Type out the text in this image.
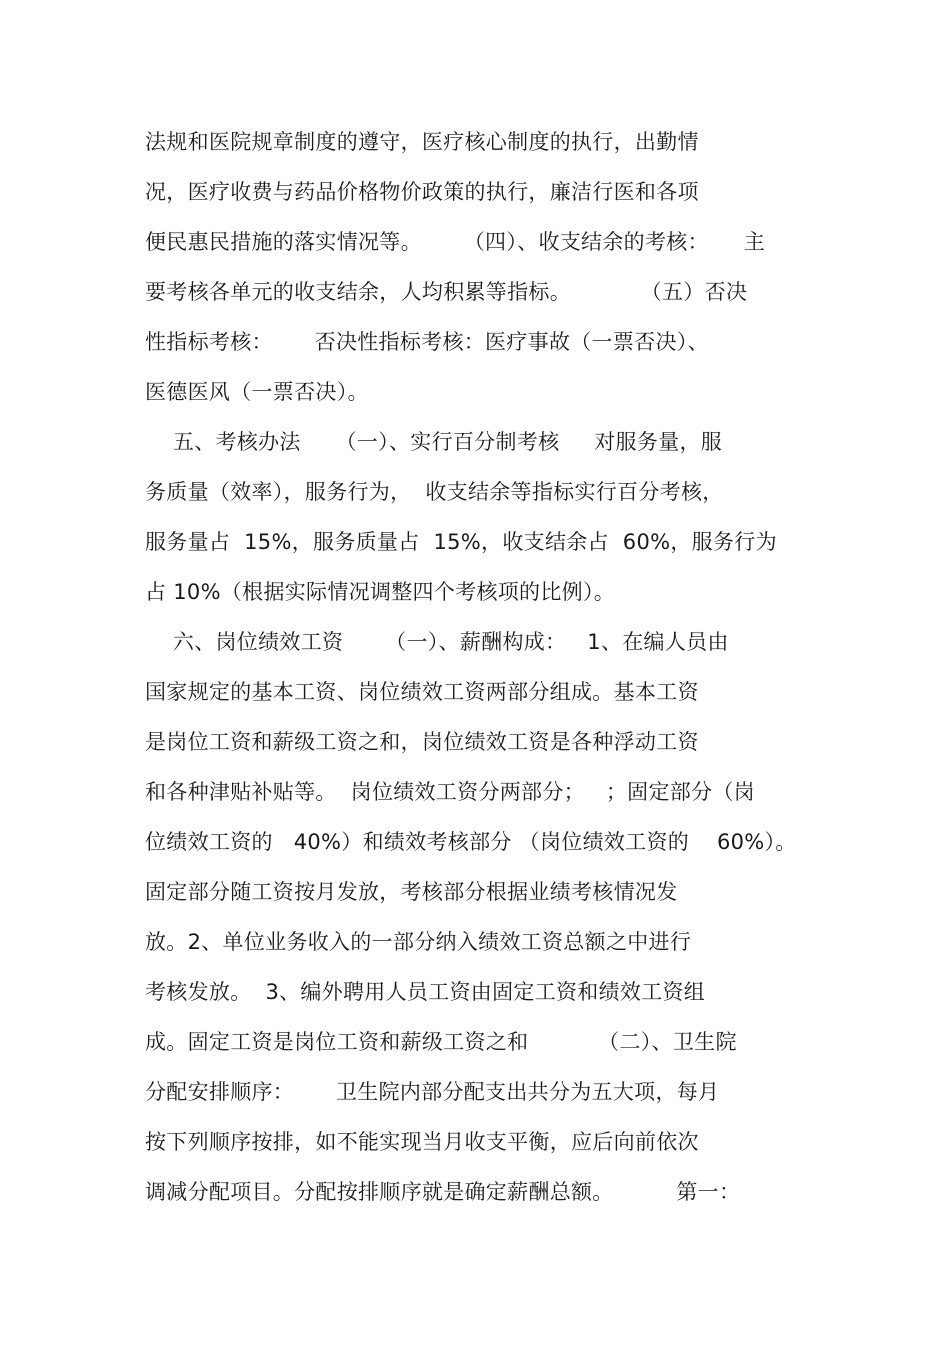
法规和医院规章制度的遵守，医疗核心制度的执行，出勤情
况，医疗收费与药品价格物价政策的执行，廉洁行医和各项
便民惠民措施的落实情况等。      （四）、收支结余的考核：     主
要考核各单元的收支结余，人均积累等指标。          （五）否决
性指标考核：      否决性指标考核：医疗事故（一票否决）、
医德医风（一票否决）。
五、考核办法     （一）、实行百分制考核     对服务量，服
务质量（效率），服务行为，  收支结余等指标实行百分考核，
服务量占  15%，服务质量占  15%，收支结余占  60%，服务行为
占 10%（根据实际情况调整四个考核项的比例）。
六、岗位绩效工资      （一）、薪酬构成：   1、在编人员由
国家规定的基本工资、岗位绩效工资两部分组成。基本工资
是岗位工资和薪级工资之和，岗位绩效工资是各种浮动工资
和各种津贴补贴等。  岗位绩效工资分两部分；   ；固定部分（岗
位绩效工资的   40%）和绩效考核部分 （岗位绩效工资的    60%）。
固定部分随工资按月发放，考核部分根据业绩考核情况发
放。2、单位业务收入的一部分纳入绩效工资总额之中进行
考核发放。  3、编外聘用人员工资由固定工资和绩效工资组
成。固定工资是岗位工资和薪级工资之和          （二）、卫生院
分配安排顺序：      卫生院内部分配支出共分为五大项，每月
按下列顺序按排，如不能实现当月收支平衡，应后向前依次
调减分配项目。分配按排顺序就是确定薪酬总额。         第一：
